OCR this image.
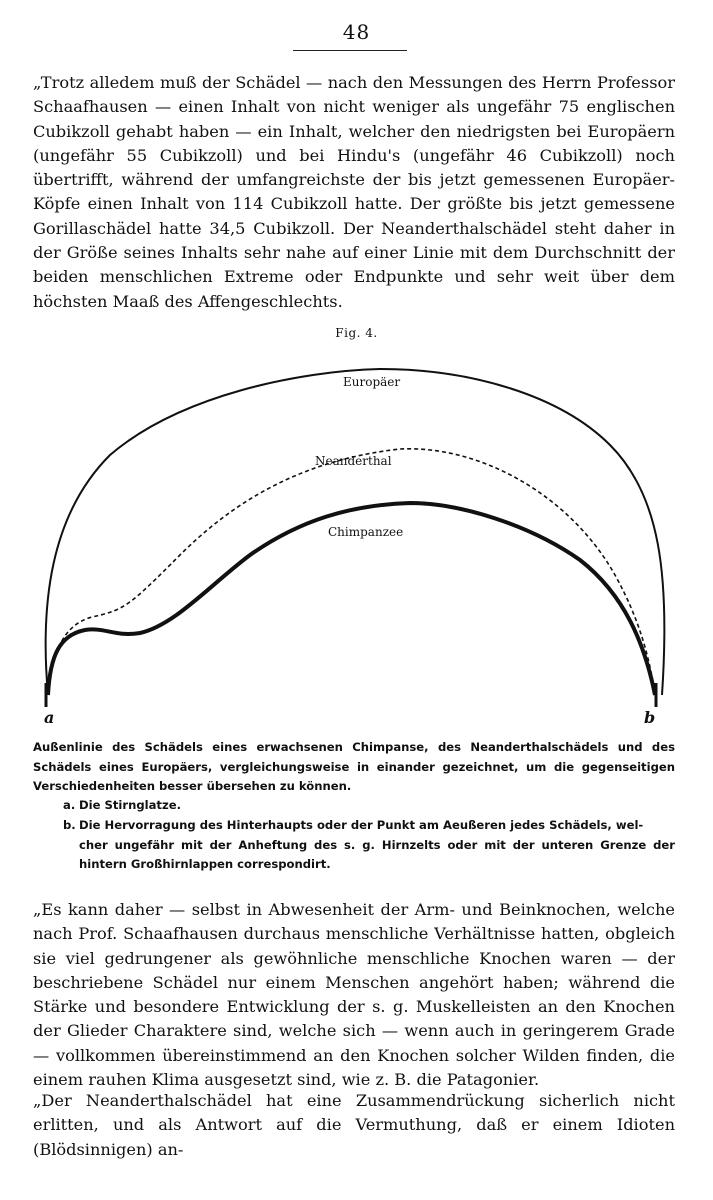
48

„Trotz alledem muß der Schädel — nach den Messungen des Herrn Professor Schaafhausen — einen Inhalt von nicht weniger als ungefähr 75 englischen Cubikzoll gehabt haben — ein Inhalt, welcher den niedrigsten bei Europäern (ungefähr 55 Cubikzoll) und bei Hindu's (ungefähr 46 Cubikzoll) noch übertrifft, während der umfangreichste der bis jetzt gemessenen Europäer-Köpfe einen Inhalt von 114 Cubikzoll hatte. Der größte bis jetzt gemessene Gorillaschädel hatte 34,5 Cubikzoll. Der Neanderthalschädel steht daher in der Größe seines Inhalts sehr nahe auf einer Linie mit dem Durchschnitt der beiden menschlichen Extreme oder Endpunkte und sehr weit über dem höchsten Maaß des Affengeschlechts.

Fig. 4.
Europäer
Neanderthal
Chimpanzee
a	b

Außenlinie des Schädels eines erwachsenen Chimpanse, des Neanderthalschädels und des Schädels eines Europäers, vergleichungsweise in einander gezeichnet, um die gegenseitigen Verschiedenheiten besser übersehen zu können.

a. Die Stirnglatze.

b. Die Hervorragung des Hinterhaupts oder der Punkt am Aeußeren jedes Schädels, wel-
cher ungefähr mit der Anheftung des s. g. Hirnzelts oder mit der unteren Grenze der hintern Großhirnlappen correspondirt.

„Es kann daher — selbst in Abwesenheit der Arm- und Beinknochen, welche nach Prof. Schaafhausen durchaus menschliche Verhältnisse hatten, obgleich sie viel gedrungener als gewöhnliche menschliche Knochen waren — der beschriebene Schädel nur einem Menschen angehört haben; während die Stärke und besondere Entwicklung der s. g. Muskelleisten an den Knochen der Glieder Charaktere sind, welche sich — wenn auch in geringerem Grade — vollkommen übereinstimmend an den Knochen solcher Wilden finden, die einem rauhen Klima ausgesetzt sind, wie z. B. die Patagonier.

„Der Neanderthalschädel hat eine Zusammendrückung sicherlich nicht erlitten, und als Antwort auf die Vermuthung, daß er einem Idioten (Blödsinnigen) an-
